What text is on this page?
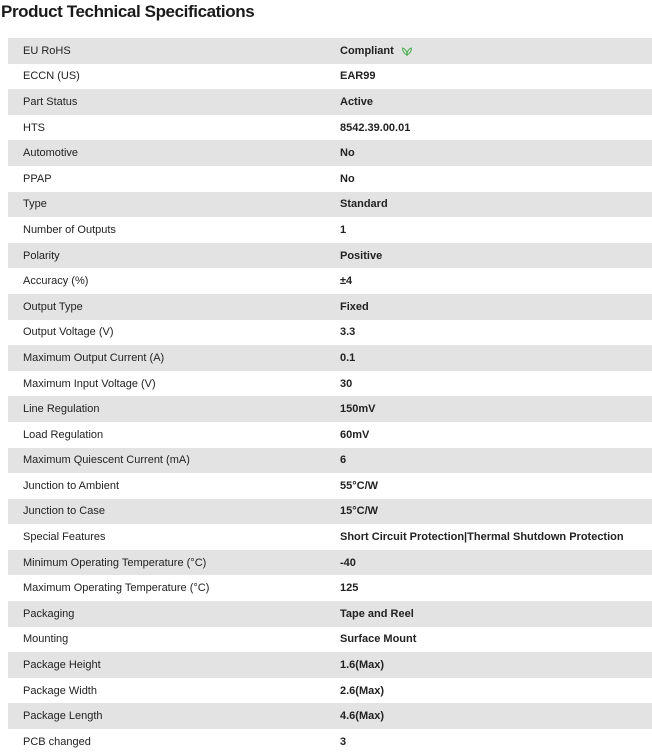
Product Technical Specifications
EU RoHS	Compliant
ECCN (US)	EAR99
Part Status	Active
HTS	8542.39.00.01
Automotive	No
PPAP	No
Type	Standard
Number of Outputs	1
Polarity	Positive
Accuracy (%)	±4
Output Type	Fixed
Output Voltage (V)	3.3
Maximum Output Current (A)	0.1
Maximum Input Voltage (V)	30
Line Regulation	150mV
Load Regulation	60mV
Maximum Quiescent Current (mA)	6
Junction to Ambient	55°C/W
Junction to Case	15°C/W
Special Features	Short Circuit Protection|Thermal Shutdown Protection
Minimum Operating Temperature (°C)	-40
Maximum Operating Temperature (°C)	125
Packaging	Tape and Reel
Mounting	Surface Mount
Package Height	1.6(Max)
Package Width	2.6(Max)
Package Length	4.6(Max)
PCB changed	3
